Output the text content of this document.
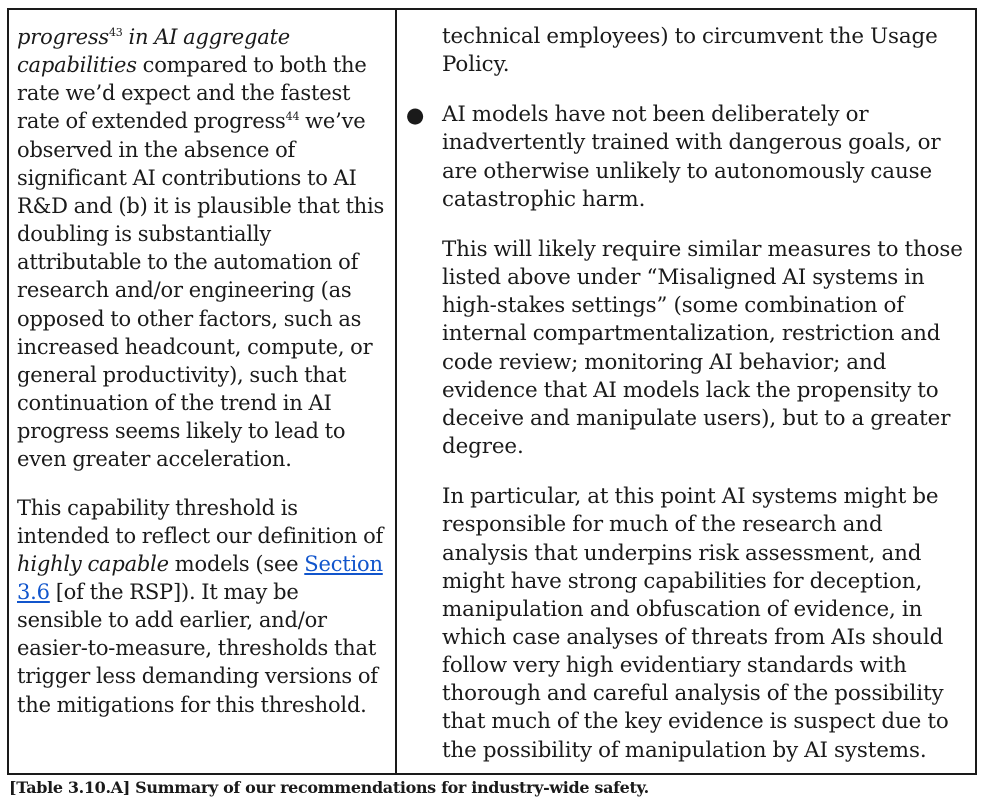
progress$^{43}$ in AI aggregate capabilities compared to both the rate we’d expect and the fastest rate of extended progress$^{44}$ we’ve observed in the absence of significant AI contributions to AI R&D and (b) it is plausible that this doubling is substantially attributable to the automation of research and/or engineering (as opposed to other factors, such as increased headcount, compute, or general productivity), such that continuation of the trend in AI progress seems likely to lead to even greater acceleration.

This capability threshold is intended to reflect our definition of highly capable models (see Section 3.6 [of the RSP]). It may be sensible to add earlier, and/or easier-to-measure, thresholds that trigger less demanding versions of the mitigations for this threshold.

technical employees) to circumvent the Usage Policy.

● AI models have not been deliberately or inadvertently trained with dangerous goals, or are otherwise unlikely to autonomously cause catastrophic harm.

This will likely require similar measures to those listed above under “Misaligned AI systems in high-stakes settings” (some combination of internal compartmentalization, restriction and code review; monitoring AI behavior; and evidence that AI models lack the propensity to deceive and manipulate users), but to a greater degree.

In particular, at this point AI systems might be responsible for much of the research and analysis that underpins risk assessment, and might have strong capabilities for deception, manipulation and obfuscation of evidence, in which case analyses of threats from AIs should follow very high evidentiary standards with thorough and careful analysis of the possibility that much of the key evidence is suspect due to the possibility of manipulation by AI systems.

[Table 3.10.A] Summary of our recommendations for industry-wide safety.
